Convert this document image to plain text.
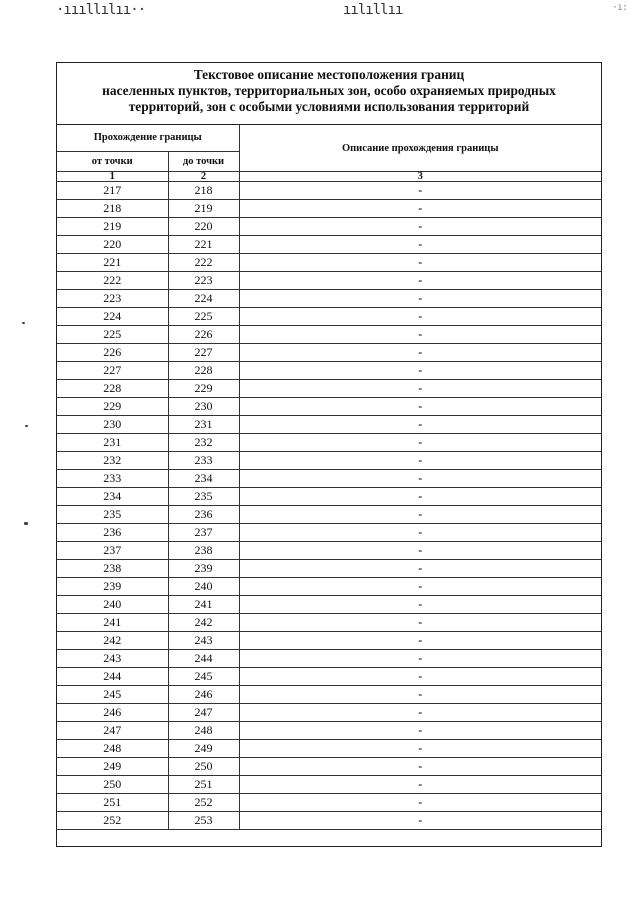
·ıııllılıı··	ıılıllıı	·ı:
Текстовое описание местоположения границ
населенных пунктов, территориальных зон, особо охраняемых природных
территорий, зон с особыми условиями использования территорий
Прохождение границы		Описание прохождения границы
от точки	до точки	
1	2	3
217	218	-
218	219	-
219	220	-
220	221	-
221	222	-
222	223	-
223	224	-
224	225	-
225	226	-
226	227	-
227	228	-
228	229	-
229	230	-
230	231	-
231	232	-
232	233	-
233	234	-
234	235	-
235	236	-
236	237	-
237	238	-
238	239	-
239	240	-
240	241	-
241	242	-
242	243	-
243	244	-
244	245	-
245	246	-
246	247	-
247	248	-
248	249	-
249	250	-
250	251	-
251	252	-
252	253	-
